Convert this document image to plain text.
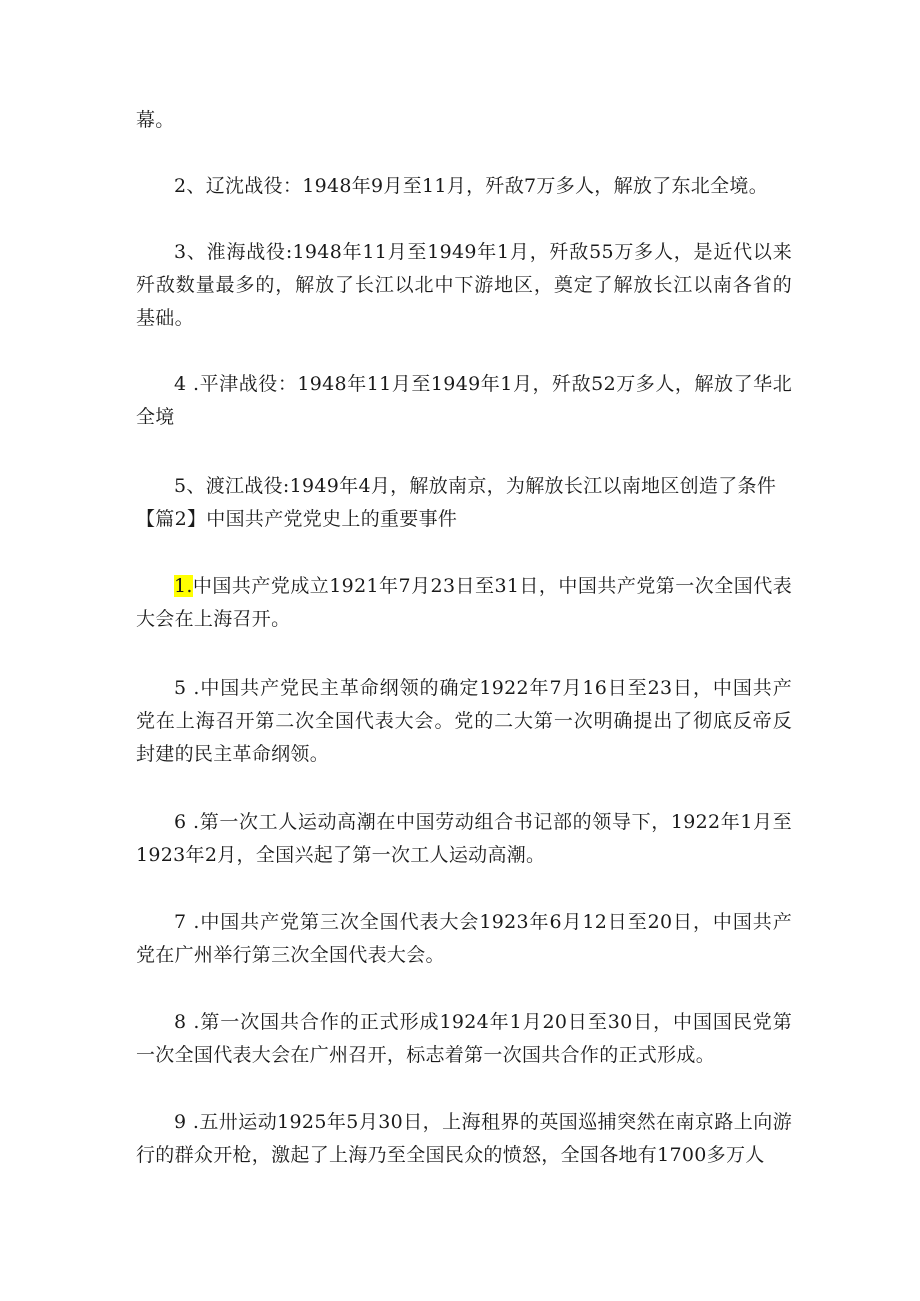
幕。

2、辽沈战役：1948年9月至11月，歼敌7万多人，解放了东北全境。

3、淮海战役:1948年11月至1949年1月，歼敌55万多人，是近代以来歼敌数量最多的，解放了长江以北中下游地区，奠定了解放长江以南各省的基础。

4 .平津战役：1948年11月至1949年1月，歼敌52万多人，解放了华北全境

5、渡江战役:1949年4月，解放南京，为解放长江以南地区创造了条件

【篇2】中国共产党党史上的重要事件

1.中国共产党成立1921年7月23日至31日，中国共产党第一次全国代表大会在上海召开。

5 .中国共产党民主革命纲领的确定1922年7月16日至23日，中国共产党在上海召开第二次全国代表大会。党的二大第一次明确提出了彻底反帝反封建的民主革命纲领。

6 .第一次工人运动高潮在中国劳动组合书记部的领导下，1922年1月至1923年2月，全国兴起了第一次工人运动高潮。

7 .中国共产党第三次全国代表大会1923年6月12日至20日，中国共产党在广州举行第三次全国代表大会。

8 .第一次国共合作的正式形成1924年1月20日至30日，中国国民党第一次全国代表大会在广州召开，标志着第一次国共合作的正式形成。

9 .五卅运动1925年5月30日，上海租界的英国巡捕突然在南京路上向游行的群众开枪，激起了上海乃至全国民众的愤怒，全国各地有1700多万人
